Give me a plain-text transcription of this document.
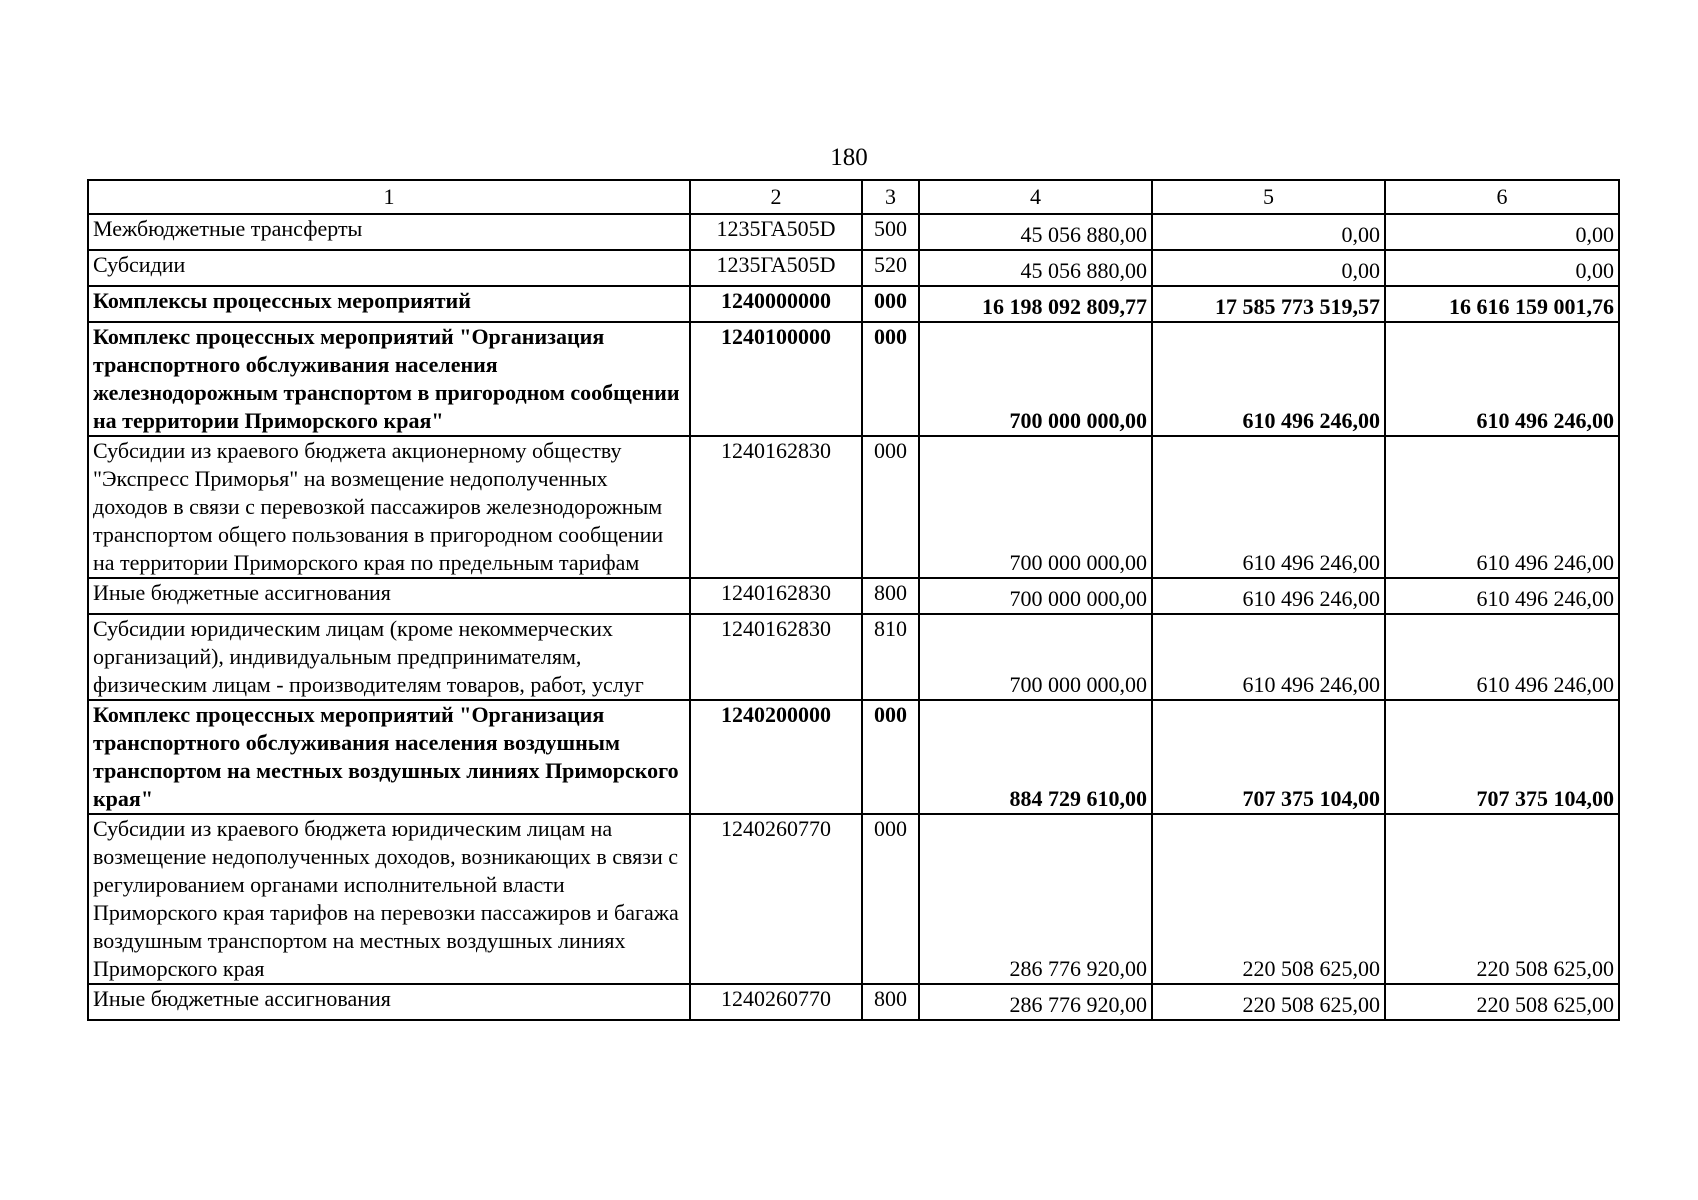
180
1	2	3	4	5	6
Межбюджетные трансферты	1235ГА505D	500	45 056 880,00	0,00	0,00
Субсидии	1235ГА505D	520	45 056 880,00	0,00	0,00
Комплексы процессных мероприятий	1240000000	000	16 198 092 809,77	17 585 773 519,57	16 616 159 001,76
Комплекс процессных мероприятий "Организация транспортного обслуживания населения железнодорожным транспортом в пригородном сообщении на территории Приморского края"	1240100000	000	700 000 000,00	610 496 246,00	610 496 246,00
Субсидии из краевого бюджета акционерному обществу "Экспресс Приморья" на возмещение недополученных доходов в связи с перевозкой пассажиров железнодорожным транспортом общего пользования в пригородном сообщении на территории Приморского края по предельным тарифам	1240162830	000	700 000 000,00	610 496 246,00	610 496 246,00
Иные бюджетные ассигнования	1240162830	800	700 000 000,00	610 496 246,00	610 496 246,00
Субсидии юридическим лицам (кроме некоммерческих организаций), индивидуальным предпринимателям, физическим лицам - производителям товаров, работ, услуг	1240162830	810	700 000 000,00	610 496 246,00	610 496 246,00
Комплекс процессных мероприятий "Организация транспортного обслуживания населения воздушным транспортом на местных воздушных линиях Приморского края"	1240200000	000	884 729 610,00	707 375 104,00	707 375 104,00
Субсидии из краевого бюджета юридическим лицам на возмещение недополученных доходов, возникающих в связи с регулированием органами исполнительной власти Приморского края тарифов на перевозки пассажиров и багажа воздушным транспортом на местных воздушных линиях Приморского края	1240260770	000	286 776 920,00	220 508 625,00	220 508 625,00
Иные бюджетные ассигнования	1240260770	800	286 776 920,00	220 508 625,00	220 508 625,00
